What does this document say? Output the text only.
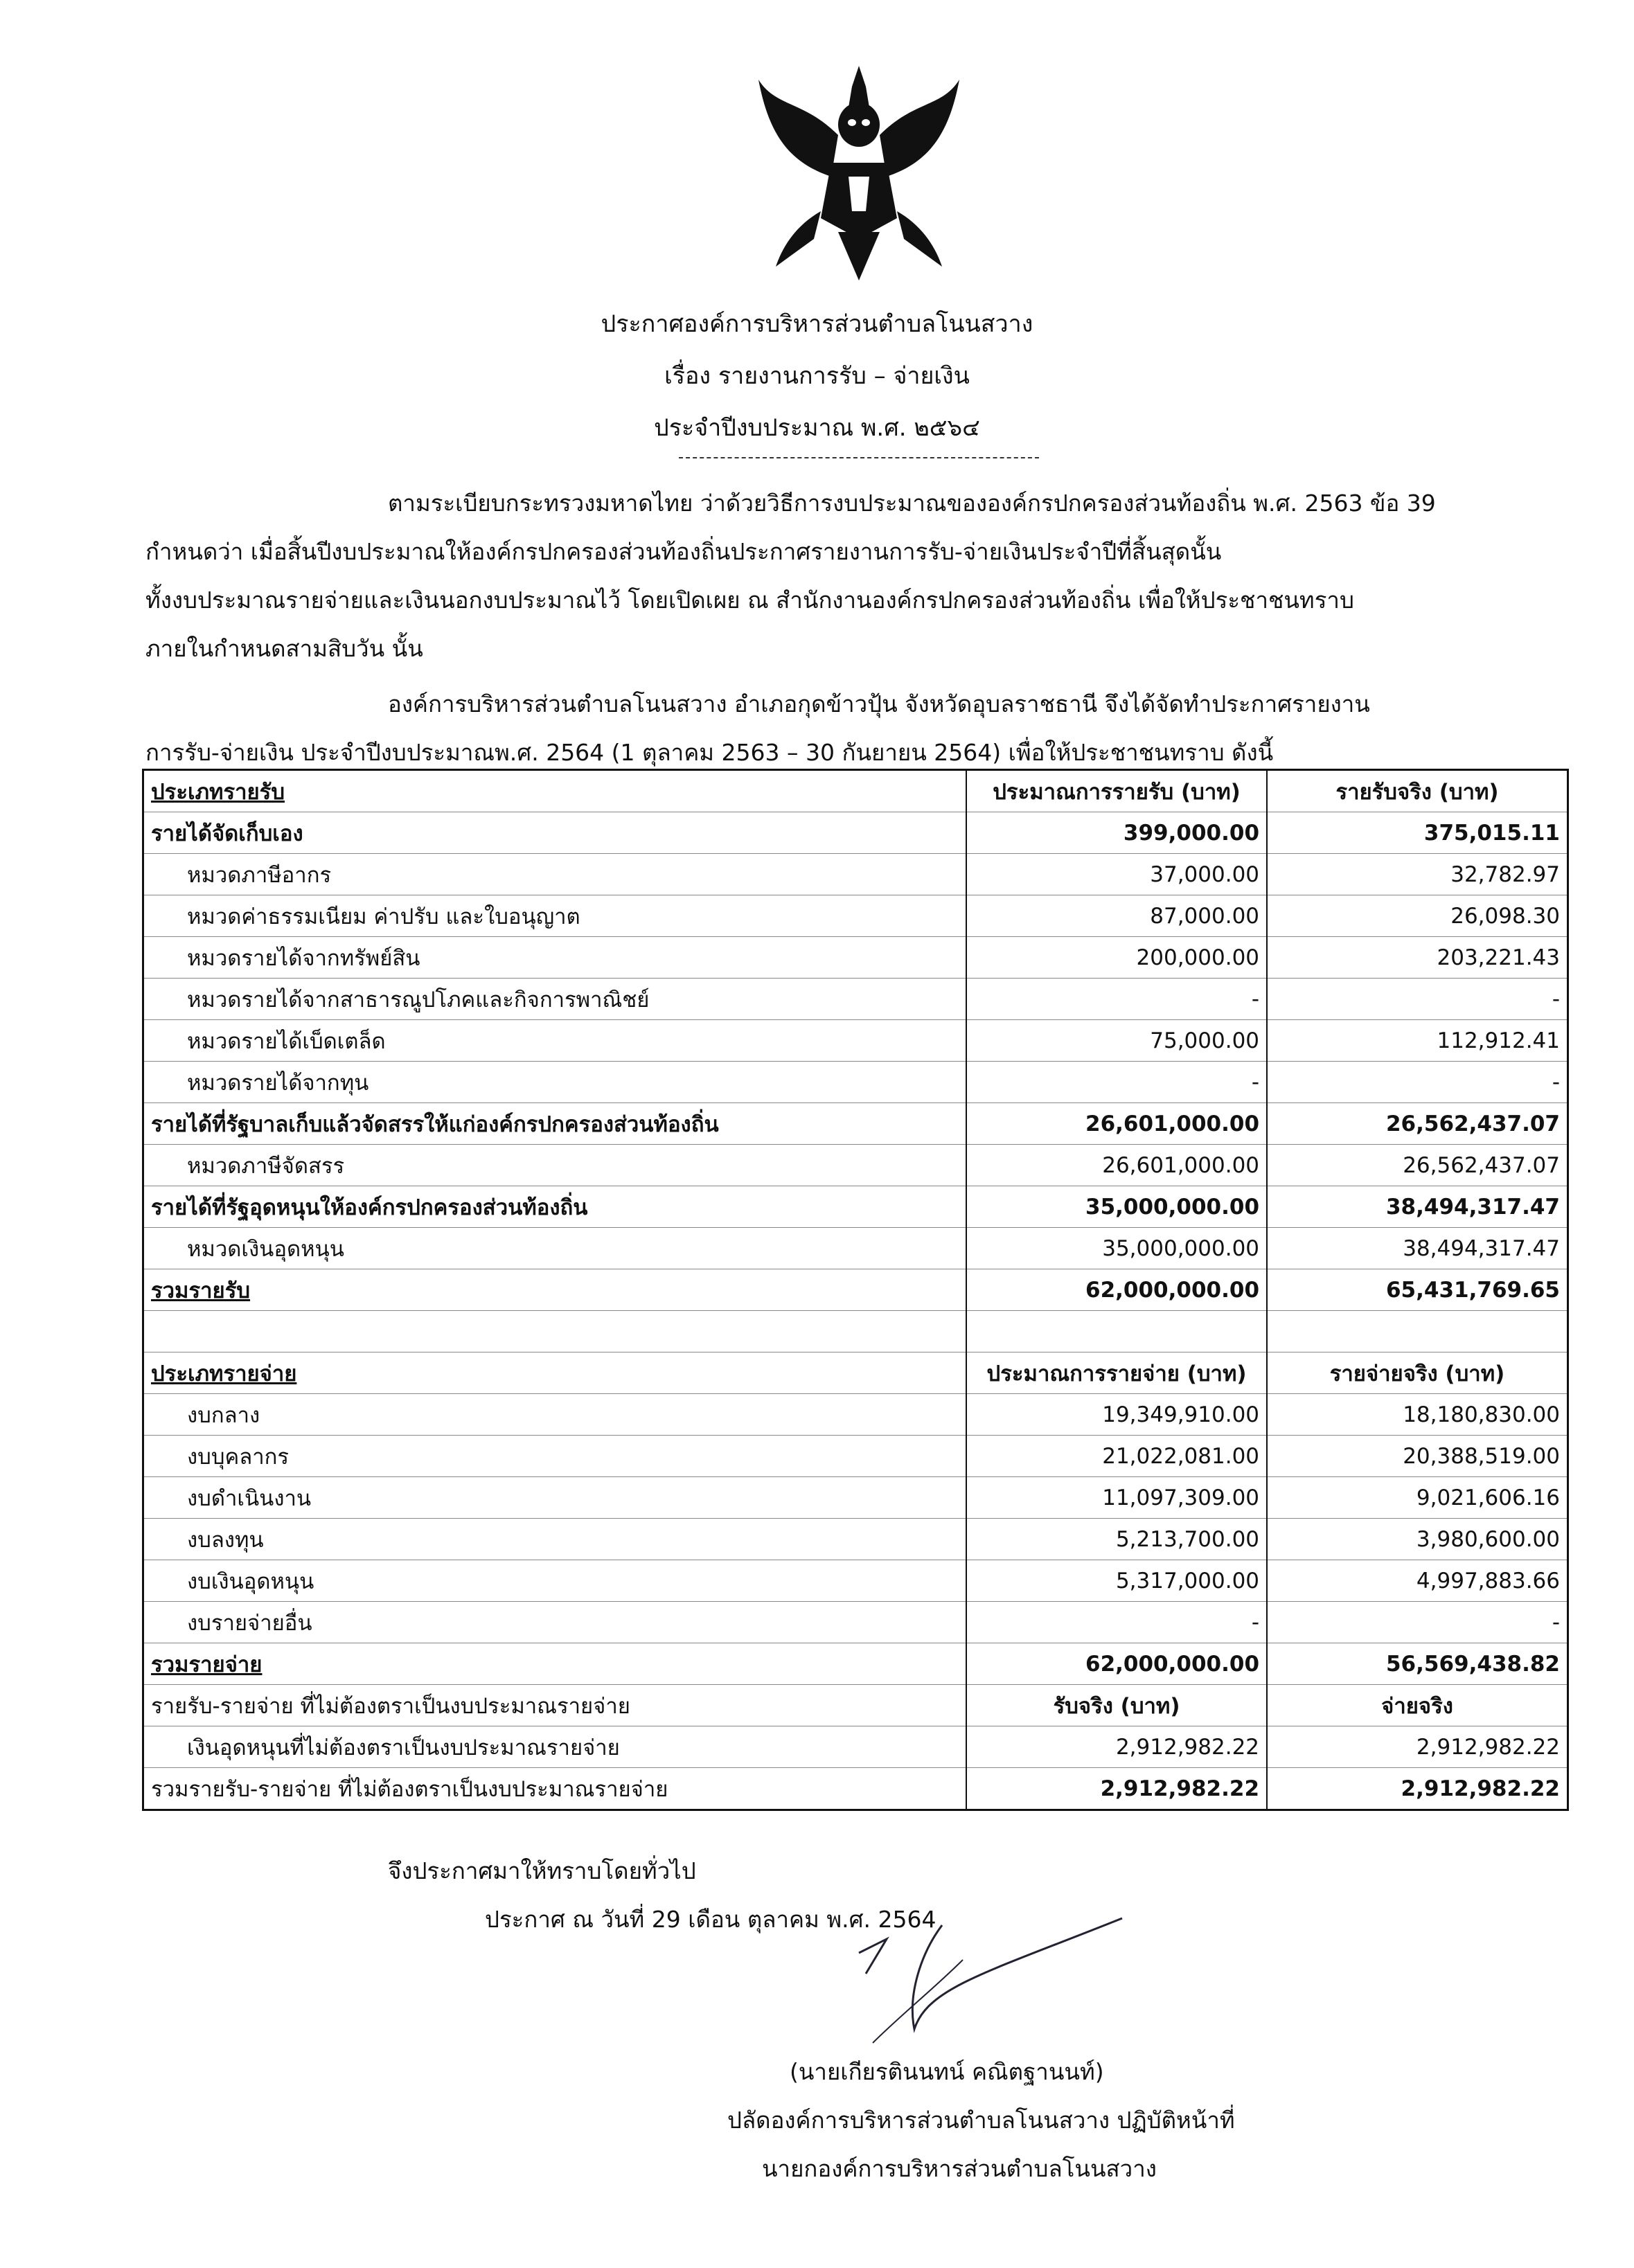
ประกาศองค์การบริหารส่วนตำบลโนนสวาง
เรื่อง รายงานการรับ – จ่ายเงิน
ประจำปีงบประมาณ พ.ศ. ๒๕๖๔
ตามระเบียบกระทรวงมหาดไทย ว่าด้วยวิธีการงบประมาณขององค์กรปกครองส่วนท้องถิ่น พ.ศ. 2563 ข้อ 39
กำหนดว่า เมื่อสิ้นปีงบประมาณให้องค์กรปกครองส่วนท้องถิ่นประกาศรายงานการรับ-จ่ายเงินประจำปีที่สิ้นสุดนั้น
ทั้งงบประมาณรายจ่ายและเงินนอกงบประมาณไว้ โดยเปิดเผย ณ สำนักงานองค์กรปกครองส่วนท้องถิ่น เพื่อให้ประชาชนทราบ
ภายในกำหนดสามสิบวัน นั้น
องค์การบริหารส่วนตำบลโนนสวาง อำเภอกุดข้าวปุ้น จังหวัดอุบลราชธานี จึงได้จัดทำประกาศรายงาน
การรับ-จ่ายเงิน ประจำปีงบประมาณพ.ศ. 2564 (1 ตุลาคม 2563 – 30 กันยายน 2564) เพื่อให้ประชาชนทราบ ดังนี้
ประเภทรายรับ	ประมาณการรายรับ (บาท)	รายรับจริง (บาท)
รายได้จัดเก็บเอง	399,000.00	375,015.11
หมวดภาษีอากร	37,000.00	32,782.97
หมวดค่าธรรมเนียม ค่าปรับ และใบอนุญาต	87,000.00	26,098.30
หมวดรายได้จากทรัพย์สิน	200,000.00	203,221.43
หมวดรายได้จากสาธารณูปโภคและกิจการพาณิชย์	-	-
หมวดรายได้เบ็ดเตล็ด	75,000.00	112,912.41
หมวดรายได้จากทุน	-	-
รายได้ที่รัฐบาลเก็บแล้วจัดสรรให้แก่องค์กรปกครองส่วนท้องถิ่น	26,601,000.00	26,562,437.07
หมวดภาษีจัดสรร	26,601,000.00	26,562,437.07
รายได้ที่รัฐอุดหนุนให้องค์กรปกครองส่วนท้องถิ่น	35,000,000.00	38,494,317.47
หมวดเงินอุดหนุน	35,000,000.00	38,494,317.47
รวมรายรับ	62,000,000.00	65,431,769.65

ประเภทรายจ่าย	ประมาณการรายจ่าย (บาท)	รายจ่ายจริง (บาท)
งบกลาง	19,349,910.00	18,180,830.00
งบบุคลากร	21,022,081.00	20,388,519.00
งบดำเนินงาน	11,097,309.00	9,021,606.16
งบลงทุน	5,213,700.00	3,980,600.00
งบเงินอุดหนุน	5,317,000.00	4,997,883.66
งบรายจ่ายอื่น	-	-
รวมรายจ่าย	62,000,000.00	56,569,438.82
รายรับ-รายจ่าย ที่ไม่ต้องตราเป็นงบประมาณรายจ่าย	รับจริง (บาท)	จ่ายจริง
เงินอุดหนุนที่ไม่ต้องตราเป็นงบประมาณรายจ่าย	2,912,982.22	2,912,982.22
รวมรายรับ-รายจ่าย ที่ไม่ต้องตราเป็นงบประมาณรายจ่าย	2,912,982.22	2,912,982.22
จึงประกาศมาให้ทราบโดยทั่วไป
ประกาศ ณ วันที่ 29 เดือน ตุลาคม พ.ศ. 2564
(นายเกียรตินนทน์ คณิตฐานนท์)
ปลัดองค์การบริหารส่วนตำบลโนนสวาง ปฏิบัติหน้าที่
นายกองค์การบริหารส่วนตำบลโนนสวาง
